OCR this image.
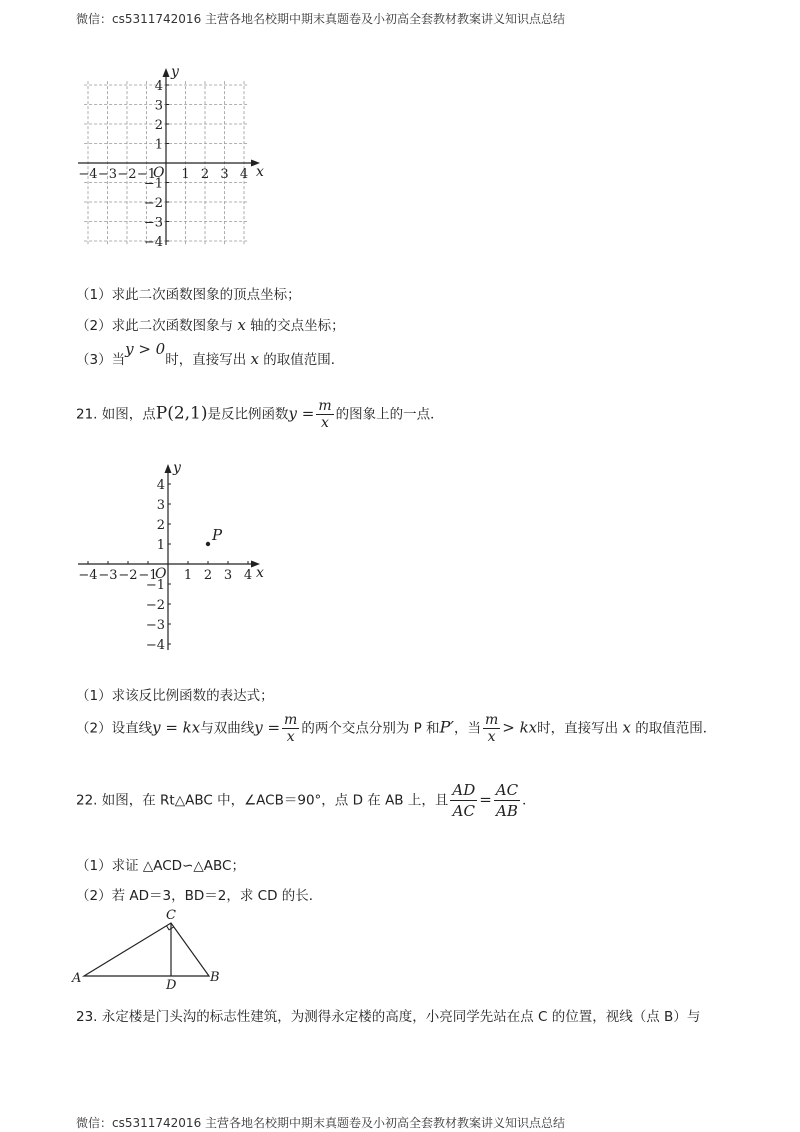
微信：cs5311742016 主营各地名校期中期末真题卷及小初高全套教材教案讲义知识点总结
−4 −3 −2 −1 1 2 3 4
4
3
2
1
−1
−2
−3
−4
x
y
O
（1）求此二次函数图象的顶点坐标；
（2）求此二次函数图象与 x 轴的交点坐标；
（3）当y > 0时，直接写出 x 的取值范围．
21. 如图，点P(2,1)是反比例函数$y = \frac{m}{x}$ 的图象上的一点．
−4 −3 −2 −1 1 2 3 4
4
3
2
1
−1
−2
−3
−4
P
x
y
O
（1）求该反比例函数的表达式；
（2）设直线y = kx与双曲线$y = \frac{m}{x}$ 的两个交点分别为 P 和P′，当 $\frac{m}{x}$ > kx时，直接写出 x 的取值范围．
22. 如图，在 Rt△ABC 中，∠ACB＝90°，点 D 在 AB 上，且 $\frac{AD}{AC} = \frac{AC}{AB}$ ．
（1）求证 △ACD∽△ABC；
（2）若 AD＝3，BD＝2，求 CD 的长．
A	B
C
D
23. 永定楼是门头沟的标志性建筑，为测得永定楼的高度，小亮同学先站在点 C 的位置，视线（点 B）与
微信：cs5311742016 主营各地名校期中期末真题卷及小初高全套教材教案讲义知识点总结
